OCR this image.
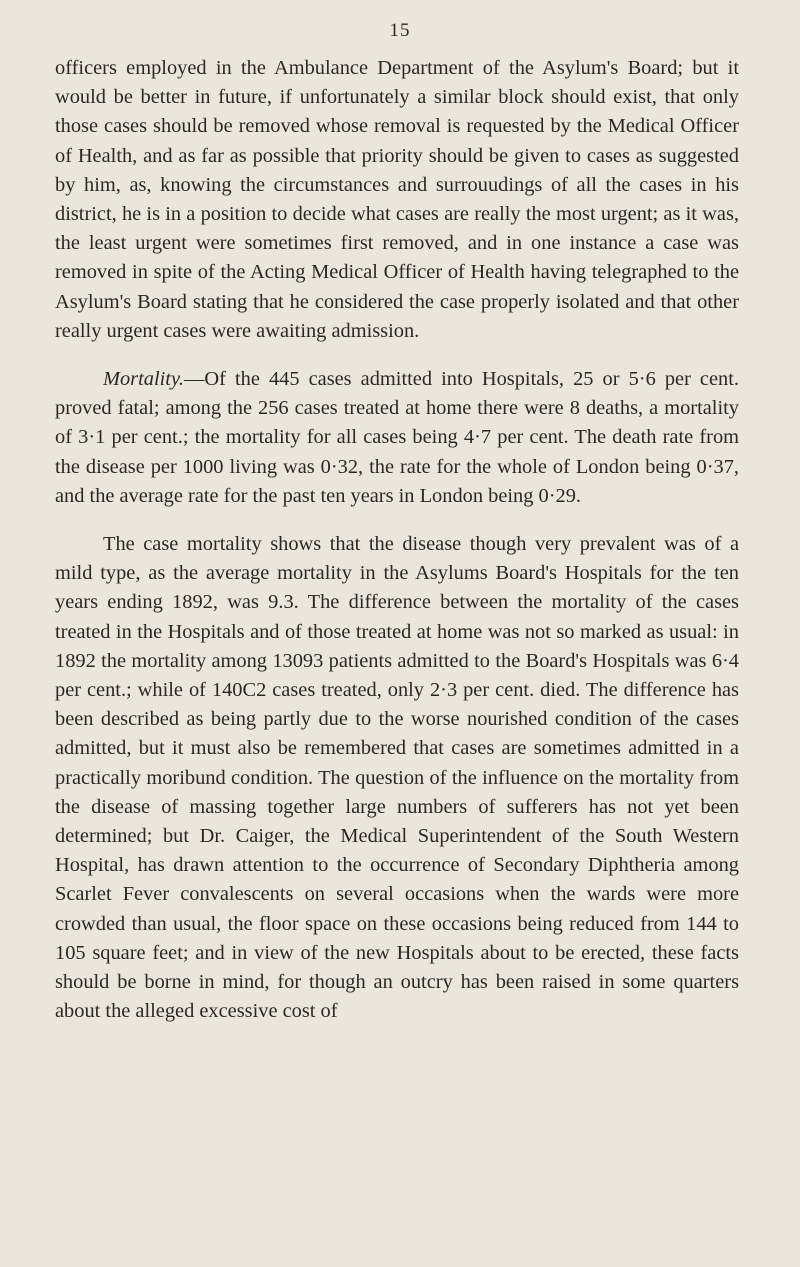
15

officers employed in the Ambulance Department of the Asylum's Board; but it would be better in future, if unfortunately a similar block should exist, that only those cases should be removed whose removal is requested by the Medical Officer of Health, and as far as possible that priority should be given to cases as suggested by him, as, knowing the circumstances and surrouudings of all the cases in his district, he is in a position to decide what cases are really the most urgent; as it was, the least urgent were sometimes first removed, and in one instance a case was removed in spite of the Acting Medical Officer of Health having telegraphed to the Asylum's Board stating that he considered the case properly isolated and that other really urgent cases were awaiting admission.

Mortality.—Of the 445 cases admitted into Hospitals, 25 or 5·6 per cent. proved fatal; among the 256 cases treated at home there were 8 deaths, a mortality of 3·1 per cent.; the mortality for all cases being 4·7 per cent. The death rate from the disease per 1000 living was 0·32, the rate for the whole of London being 0·37, and the average rate for the past ten years in London being 0·29.

The case mortality shows that the disease though very prevalent was of a mild type, as the average mortality in the Asylums Board's Hospitals for the ten years ending 1892, was 9.3. The difference between the mortality of the cases treated in the Hospitals and of those treated at home was not so marked as usual: in 1892 the mortality among 13093 patients admitted to the Board's Hospitals was 6·4 per cent.; while of 140C2 cases treated, only 2·3 per cent. died. The difference has been described as being partly due to the worse nourished condition of the cases admitted, but it must also be remembered that cases are sometimes admitted in a practically moribund condition. The question of the influence on the mortality from the disease of massing together large numbers of sufferers has not yet been determined; but Dr. Caiger, the Medical Superintendent of the South Western Hospital, has drawn attention to the occurrence of Secondary Diphtheria among Scarlet Fever convalescents on several occasions when the wards were more crowded than usual, the floor space on these occasions being reduced from 144 to 105 square feet; and in view of the new Hospitals about to be erected, these facts should be borne in mind, for though an outcry has been raised in some quarters about the alleged excessive cost of
